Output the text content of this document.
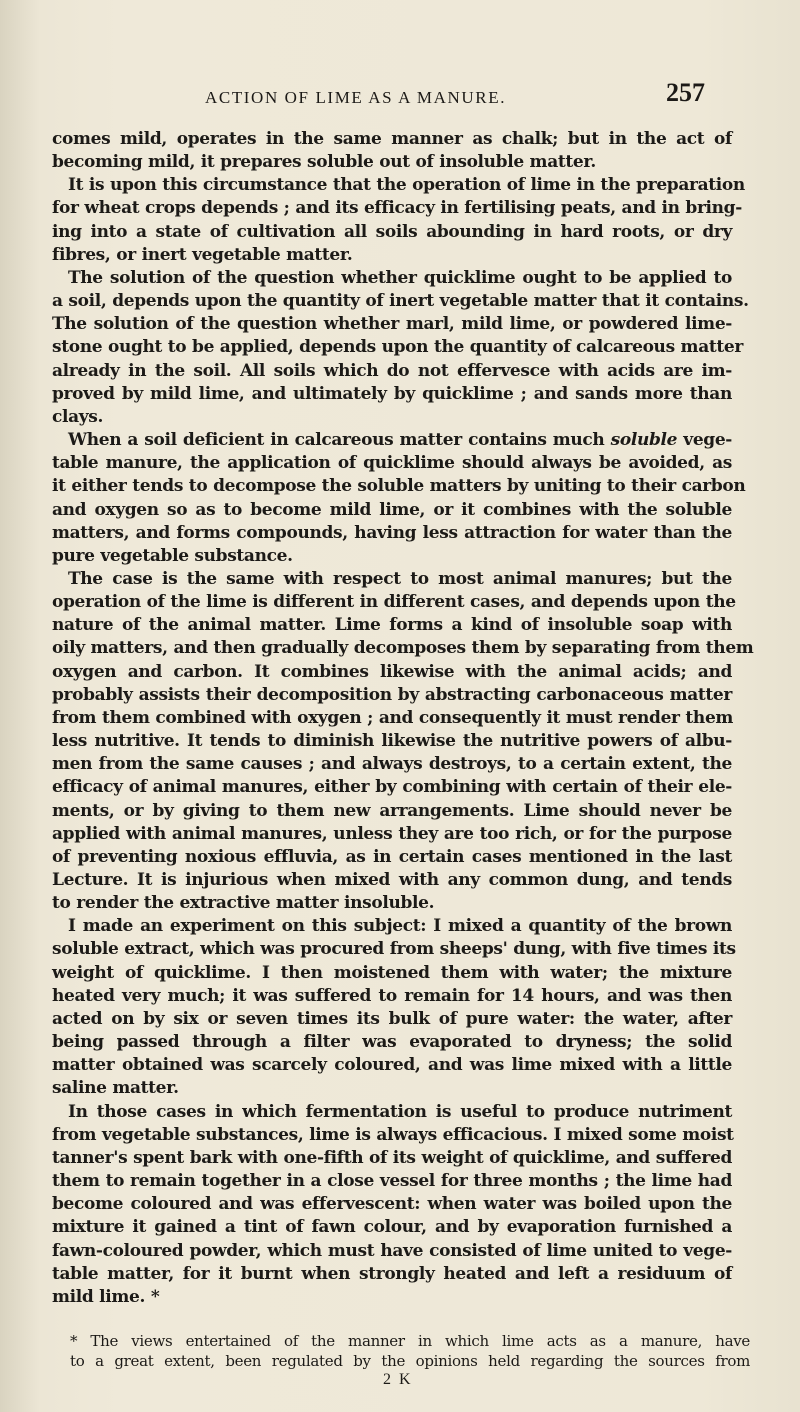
ACTION OF LIME AS A MANURE.	257
comes mild, operates in the same manner as chalk; but in the act of
becoming mild, it prepares soluble out of insoluble matter.
It is upon this circumstance that the operation of lime in the preparation
for wheat crops depends ; and its efficacy in fertilising peats, and in bring-
ing into a state of cultivation all soils abounding in hard roots, or dry
fibres, or inert vegetable matter.
The solution of the question whether quicklime ought to be applied to
a soil, depends upon the quantity of inert vegetable matter that it contains.
The solution of the question whether marl, mild lime, or powdered lime-
stone ought to be applied, depends upon the quantity of calcareous matter
already in the soil. All soils which do not effervesce with acids are im-
proved by mild lime, and ultimately by quicklime ; and sands more than
clays.
When a soil deficient in calcareous matter contains much soluble vege-
table manure, the application of quicklime should always be avoided, as
it either tends to decompose the soluble matters by uniting to their carbon
and oxygen so as to become mild lime, or it combines with the soluble
matters, and forms compounds, having less attraction for water than the
pure vegetable substance.
The case is the same with respect to most animal manures; but the
operation of the lime is different in different cases, and depends upon the
nature of the animal matter. Lime forms a kind of insoluble soap with
oily matters, and then gradually decomposes them by separating from them
oxygen and carbon. It combines likewise with the animal acids; and
probably assists their decomposition by abstracting carbonaceous matter
from them combined with oxygen ; and consequently it must render them
less nutritive. It tends to diminish likewise the nutritive powers of albu-
men from the same causes ; and always destroys, to a certain extent, the
efficacy of animal manures, either by combining with certain of their ele-
ments, or by giving to them new arrangements. Lime should never be
applied with animal manures, unless they are too rich, or for the purpose
of preventing noxious effluvia, as in certain cases mentioned in the last
Lecture. It is injurious when mixed with any common dung, and tends
to render the extractive matter insoluble.
I made an experiment on this subject: I mixed a quantity of the brown
soluble extract, which was procured from sheeps' dung, with five times its
weight of quicklime. I then moistened them with water; the mixture
heated very much; it was suffered to remain for 14 hours, and was then
acted on by six or seven times its bulk of pure water: the water, after
being passed through a filter was evaporated to dryness; the solid
matter obtained was scarcely coloured, and was lime mixed with a little
saline matter.
In those cases in which fermentation is useful to produce nutriment
from vegetable substances, lime is always efficacious. I mixed some moist
tanner's spent bark with one-fifth of its weight of quicklime, and suffered
them to remain together in a close vessel for three months ; the lime had
become coloured and was effervescent: when water was boiled upon the
mixture it gained a tint of fawn colour, and by evaporation furnished a
fawn-coloured powder, which must have consisted of lime united to vege-
table matter, for it burnt when strongly heated and left a residuum of
mild lime. *
* The views entertained of the manner in which lime acts as a manure, have
to a great extent, been regulated by the opinions held regarding the sources from
2 K
